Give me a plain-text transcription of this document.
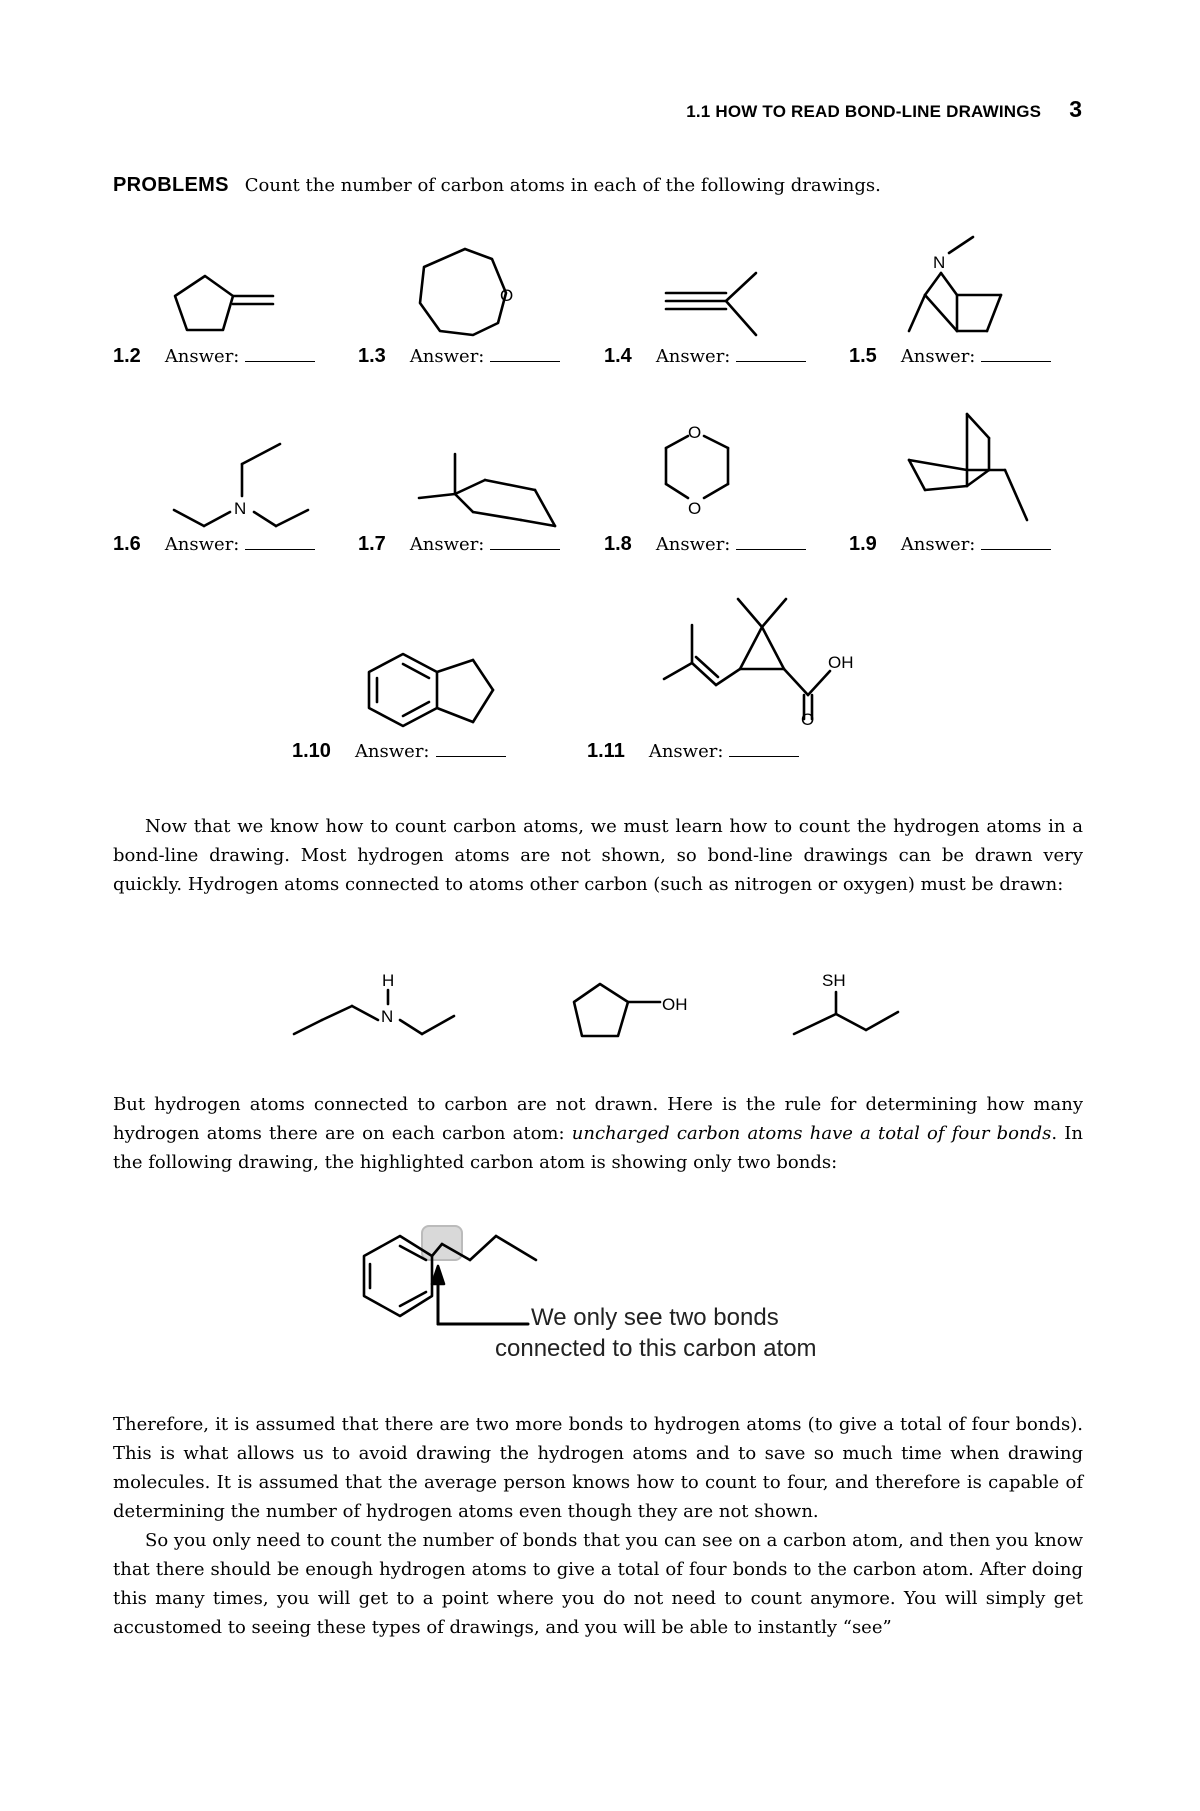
1.1 HOW TO READ BOND-LINE DRAWINGS 3
PROBLEMS Count the number of carbon atoms in each of the following drawings.
O
N
1.2 Answer:	1.3 Answer:	1.4 Answer:	1.5 Answer:
N
O
O
1.6 Answer:	1.7 Answer:	1.8 Answer:	1.9 Answer:
OH
O
1.10 Answer:	1.11 Answer:

Now that we know how to count carbon atoms, we must learn how to count the hydrogen atoms in a bond-line drawing. Most hydrogen atoms are not shown, so bond-line drawings can be drawn very quickly. Hydrogen atoms connected to atoms other carbon (such as nitrogen or oxygen) must be drawn:

H
N
OH
SH

But hydrogen atoms connected to carbon are not drawn. Here is the rule for determining how many hydrogen atoms there are on each carbon atom: uncharged carbon atoms have a total of four bonds. In the following drawing, the highlighted carbon atom is showing only two bonds:

We only see two bonds
connected to this carbon atom

Therefore, it is assumed that there are two more bonds to hydrogen atoms (to give a total of four bonds). This is what allows us to avoid drawing the hydrogen atoms and to save so much time when drawing molecules. It is assumed that the average person knows how to count to four, and therefore is capable of determining the number of hydrogen atoms even though they are not shown.

So you only need to count the number of bonds that you can see on a carbon atom, and then you know that there should be enough hydrogen atoms to give a total of four bonds to the carbon atom. After doing this many times, you will get to a point where you do not need to count anymore. You will simply get accustomed to seeing these types of drawings, and you will be able to instantly “see”
